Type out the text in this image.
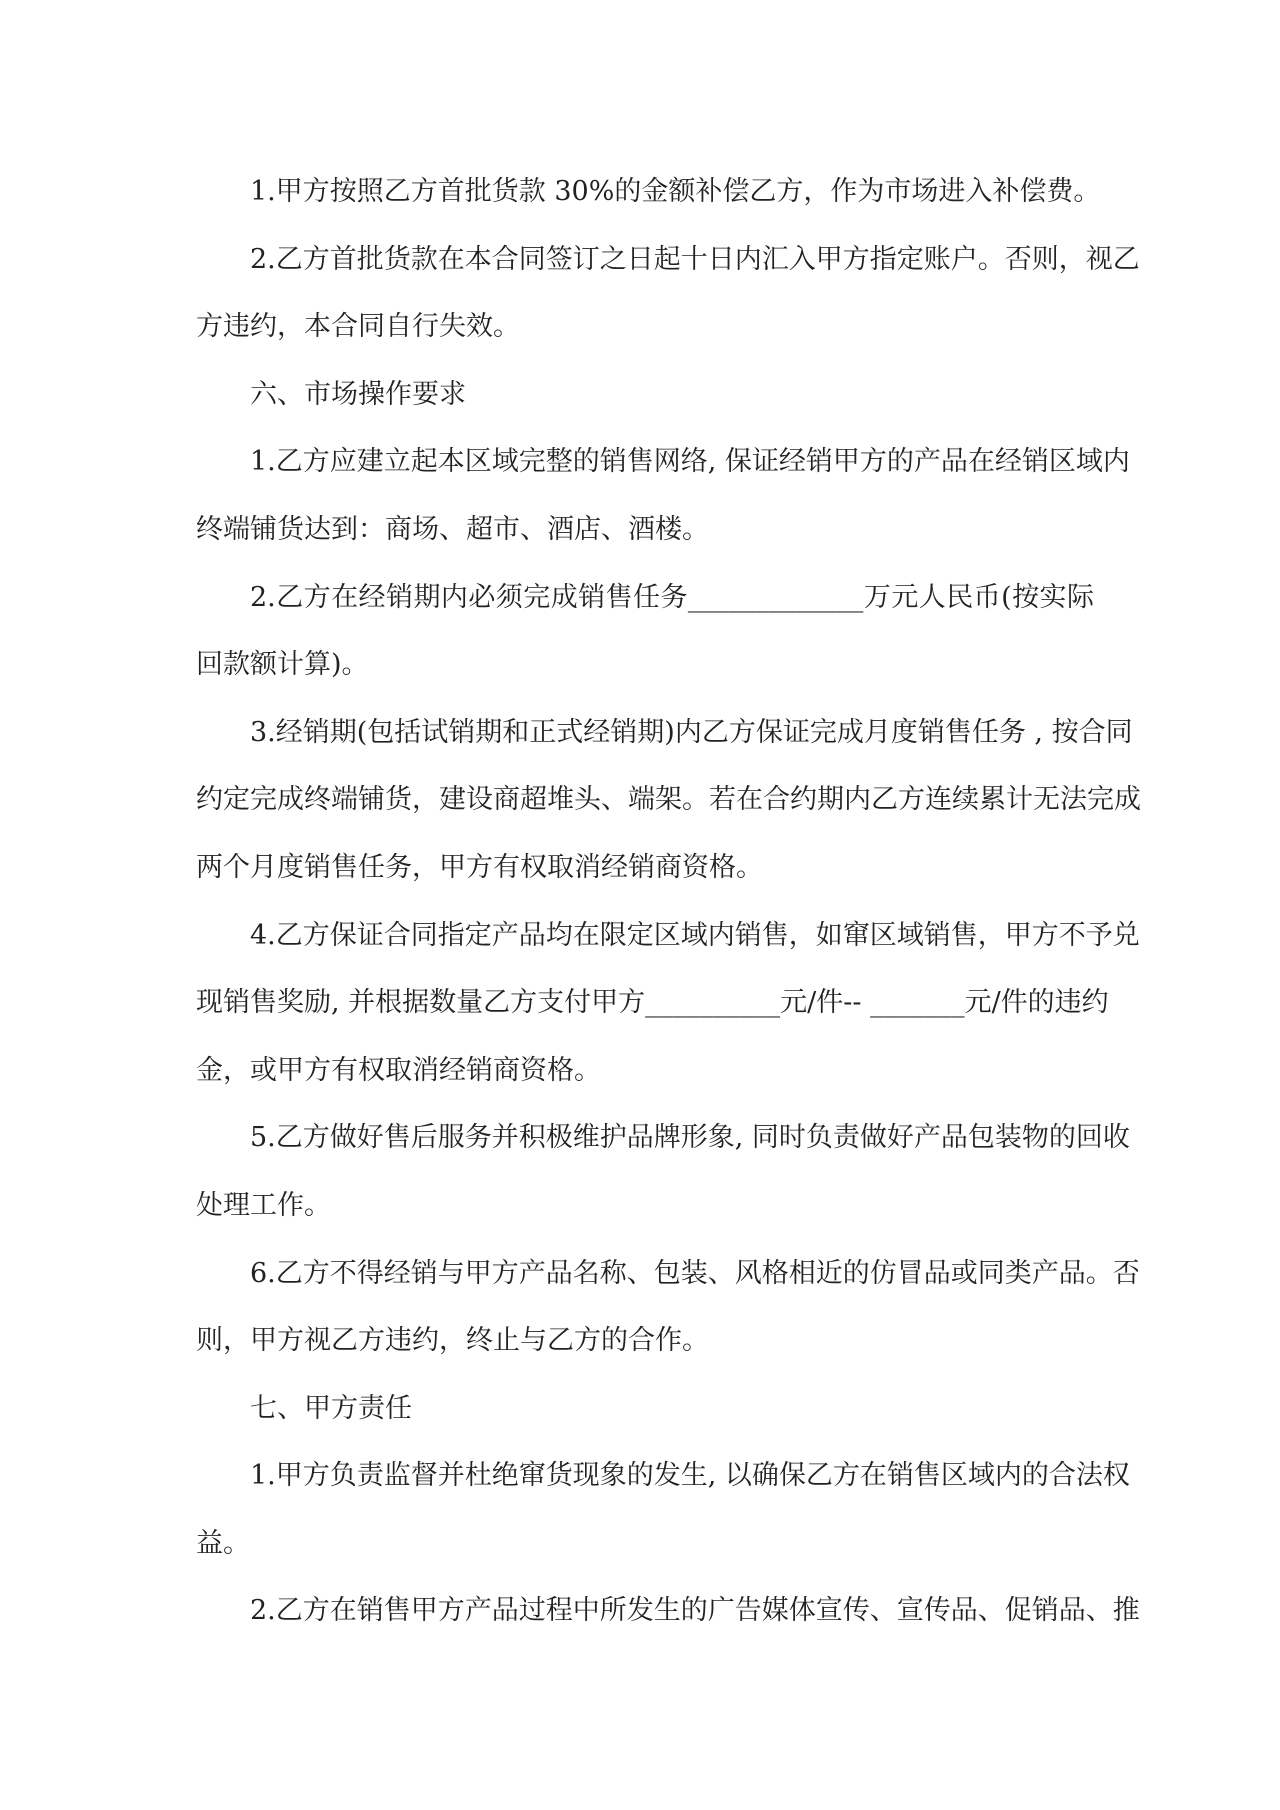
1.甲方按照乙方首批货款 30%的金额补偿乙方，作为市场进入补偿费。
2.乙方首批货款在本合同签订之日起十日内汇入甲方指定账户。否则，视乙
方违约，本合同自行失效。
六、市场操作要求
1.乙方应建立起本区域完整的销售网络, 保证经销甲方的产品在经销区域内
终端铺货达到：商场、超市、酒店、酒楼。
2.乙方在经销期内必须完成销售任务_____________万元人民币(按实际
回款额计算)。
3.经销期(包括试销期和正式经销期)内乙方保证完成月度销售任务 , 按合同
约定完成终端铺货，建设商超堆头、端架。若在合约期内乙方连续累计无法完成
两个月度销售任务，甲方有权取消经销商资格。
4.乙方保证合同指定产品均在限定区域内销售，如窜区域销售，甲方不予兑
现销售奖励, 并根据数量乙方支付甲方__________元/件-- _______元/件的违约
金，或甲方有权取消经销商资格。
5.乙方做好售后服务并积极维护品牌形象, 同时负责做好产品包装物的回收
处理工作。
6.乙方不得经销与甲方产品名称、包装、风格相近的仿冒品或同类产品。否
则，甲方视乙方违约，终止与乙方的合作。
七、甲方责任
1.甲方负责监督并杜绝窜货现象的发生, 以确保乙方在销售区域内的合法权
益。
2.乙方在销售甲方产品过程中所发生的广告媒体宣传、宣传品、促销品、推
